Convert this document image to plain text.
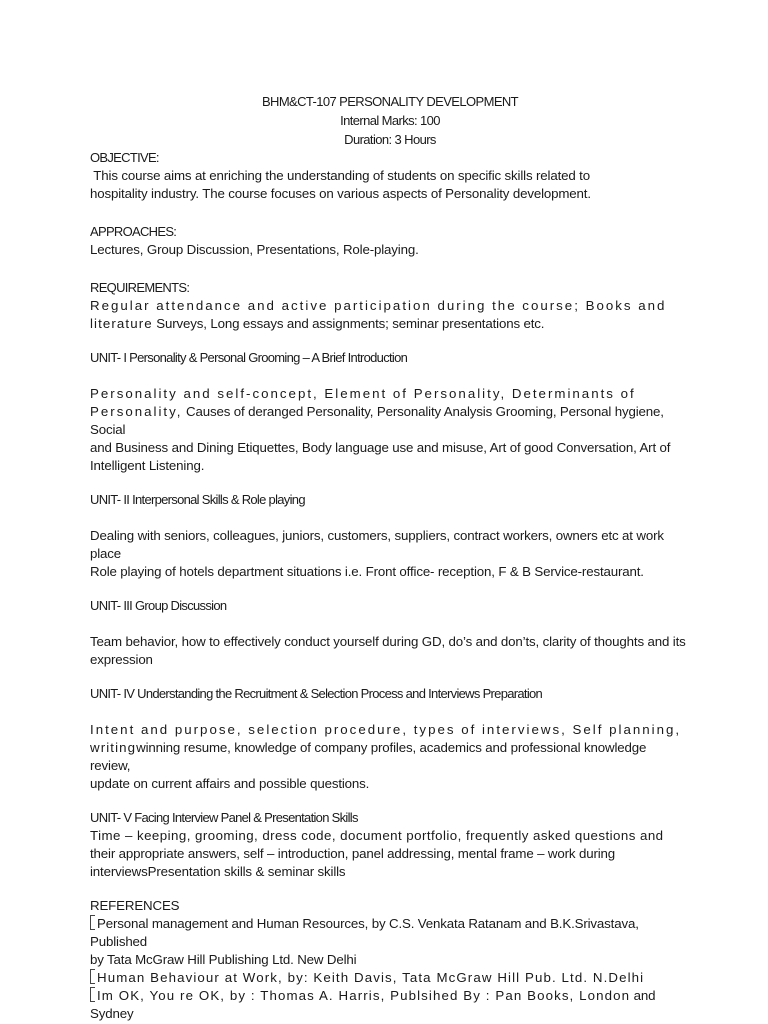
BHM&CT-107 PERSONALITY DEVELOPMENT
Internal Marks: 100
Duration: 3 Hours
OBJECTIVE:
This course aims at enriching the understanding of students on specific skills related to
hospitality industry. The course focuses on various aspects of Personality development.
APPROACHES:
Lectures, Group Discussion, Presentations, Role-playing.
REQUIREMENTS:
Regular attendance and active participation during the course; Books and
literature Surveys, Long essays and assignments; seminar presentations etc.
UNIT- I Personality & Personal Grooming – A Brief Introduction
Personality and self-concept, Element of Personality, Determinants of
Personality, Causes of deranged Personality, Personality Analysis Grooming, Personal hygiene, Social
and Business and Dining Etiquettes, Body language use and misuse, Art of good Conversation, Art of
Intelligent Listening.
UNIT- II Interpersonal Skills & Role playing
Dealing with seniors, colleagues, juniors, customers, suppliers, contract workers, owners etc at work place
Role playing of hotels department situations i.e. Front office- reception, F & B Service-restaurant.
UNIT- III Group Discussion
Team behavior, how to effectively conduct yourself during GD, do’s and don’ts, clarity of thoughts and its
expression
UNIT- IV Understanding the Recruitment & Selection Process and Interviews Preparation
Intent and purpose, selection procedure, types of interviews, Self planning,
writingwinning resume, knowledge of company profiles, academics and professional knowledge review,
update on current affairs and possible questions.
UNIT- V Facing Interview Panel & Presentation Skills
Time – keeping, grooming, dress code, document portfolio, frequently asked questions and
their appropriate answers, self – introduction, panel addressing, mental frame – work during
interviewsPresentation skills & seminar skills
REFERENCES
Personal management and Human Resources, by C.S. Venkata Ratanam and B.K.Srivastava, Published
by Tata McGraw Hill Publishing Ltd. New Delhi
Human Behaviour at Work, by: Keith Davis, Tata McGraw Hill Pub. Ltd. N.Delhi
Im OK, You re OK, by : Thomas A. Harris, Publsihed By : Pan Books, London and Sydney
